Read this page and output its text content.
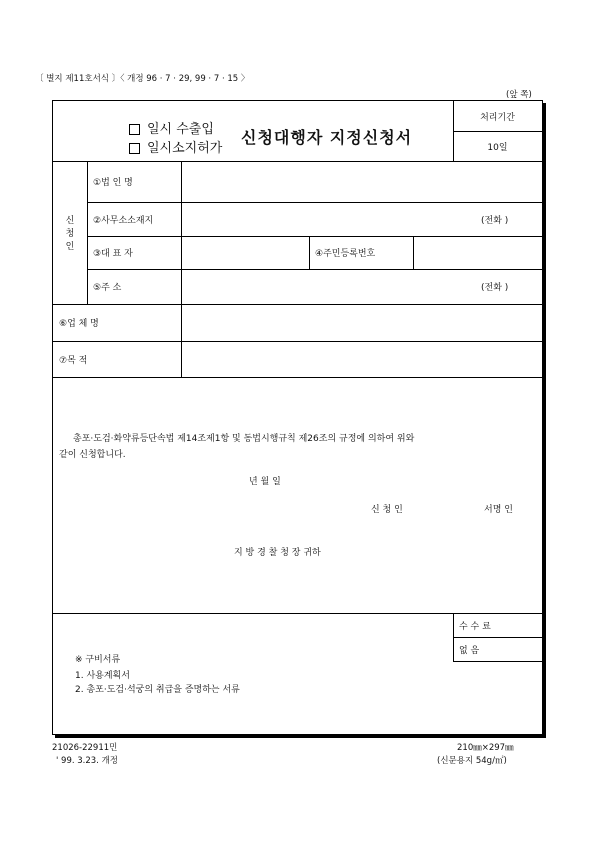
〔 별지 제11호서식 〕〈 개정 96 · 7 · 29, 99 · 7 · 15 〉
(앞 쪽)
일시 수출입
일시소지허가
신청대행자 지정신청서
처리기간
10일
신
청
인
①법 인 명
②사무소소재지	(전화 )
③대 표 자	④주민등록번호
⑤주 소	(전화 )
⑥업 체 명
⑦목 적
총포·도검·화약류등단속법 제14조제1항 및 동법시행규칙 제26조의 규정에 의하여 위와
같이 신청합니다.
년 월 일
신 청 인	서명 인
지 방 경 찰 청 장 귀하
수 수 료
없 음
※ 구비서류
1. 사용계획서
2. 총포·도검·석궁의 취급을 증명하는 서류
21026-22911민
' 99. 3.23. 개정
210㎜×297㎜
(신문용지 54g/㎡)
